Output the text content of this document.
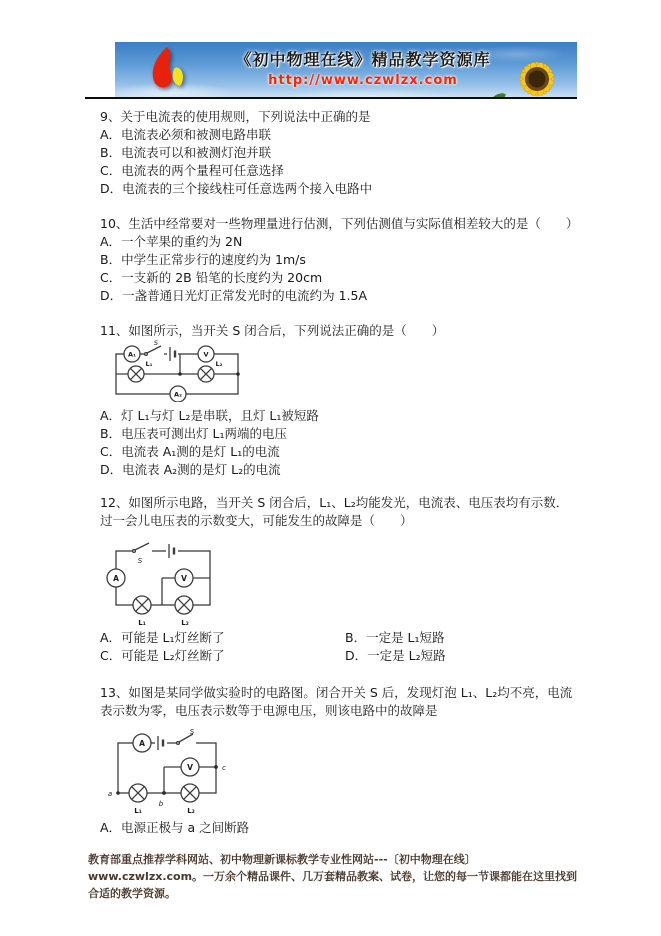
《初中物理在线》精品教学资源库
http://www.czwlzx.com
9、关于电流表的使用规则，下列说法中正确的是
A．电流表必须和被测电路串联
B．电流表可以和被测灯泡并联
C．电流表的两个量程可任意选择
D．电流表的三个接线柱可任意选两个接入电路中
10、生活中经常要对一些物理量进行估测，下列估测值与实际值相差较大的是（　　）
A．一个苹果的重约为 2N
B．中学生正常步行的速度约为 1m/s
C．一支新的 2B 铅笔的长度约为 20cm
D．一盏普通日光灯正常发光时的电流约为 1.5A
11、如图所示，当开关 S 闭合后，下列说法正确的是（　　）
S
A₁	V
L₁	L₂
A₂
A．灯 L₁与灯 L₂是串联，且灯 L₁被短路
B．电压表可测出灯 L₁两端的电压
C．电流表 A₁测的是灯 L₁的电流
D．电流表 A₂测的是灯 L₂的电流
12、如图所示电路，当开关 S 闭合后，L₁、L₂均能发光，电流表、电压表均有示数．过一会儿电压表的示数变大，可能发生的故障是（　　）
S
A	V
L₁	L₂
A．可能是 L₁灯丝断了	B．一定是 L₁短路
C．可能是 L₂灯丝断了	D．一定是 L₂短路
13、如图是某同学做实验时的电路图。闭合开关 S 后，发现灯泡 L₁、L₂均不亮，电流表示数为零，电压表示数等于电源电压，则该电路中的故障是
A
S
V
L₁	L₂
a
b
c
A．电源正极与 a 之间断路
教育部重点推荐学科网站、初中物理新课标教学专业性网站---〔初中物理在线〕www.czwlzx.com。一万余个精品课件、几万套精品教案、试卷，让您的每一节课都能在这里找到合适的教学资源。
